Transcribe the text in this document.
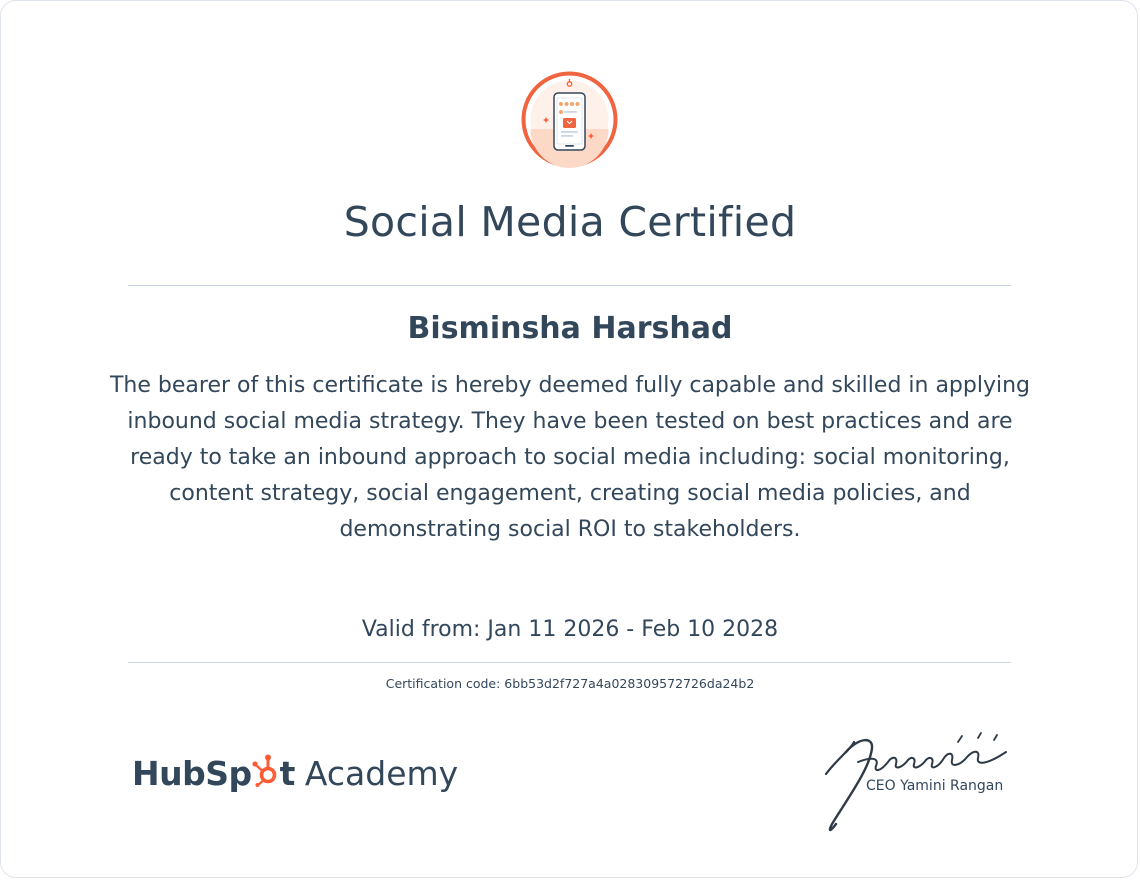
Social Media Certified
Bisminsha Harshad
The bearer of this certificate is hereby deemed fully capable and skilled in applying inbound social media strategy. They have been tested on best practices and are ready to take an inbound approach to social media including: social monitoring, content strategy, social engagement, creating social media policies, and demonstrating social ROI to stakeholders.
Valid from: Jan 11 2026 - Feb 10 2028
Certification code: 6bb53d2f727a4a028309572726da24b2
HubSp t Academy	CEO Yamini Rangan
